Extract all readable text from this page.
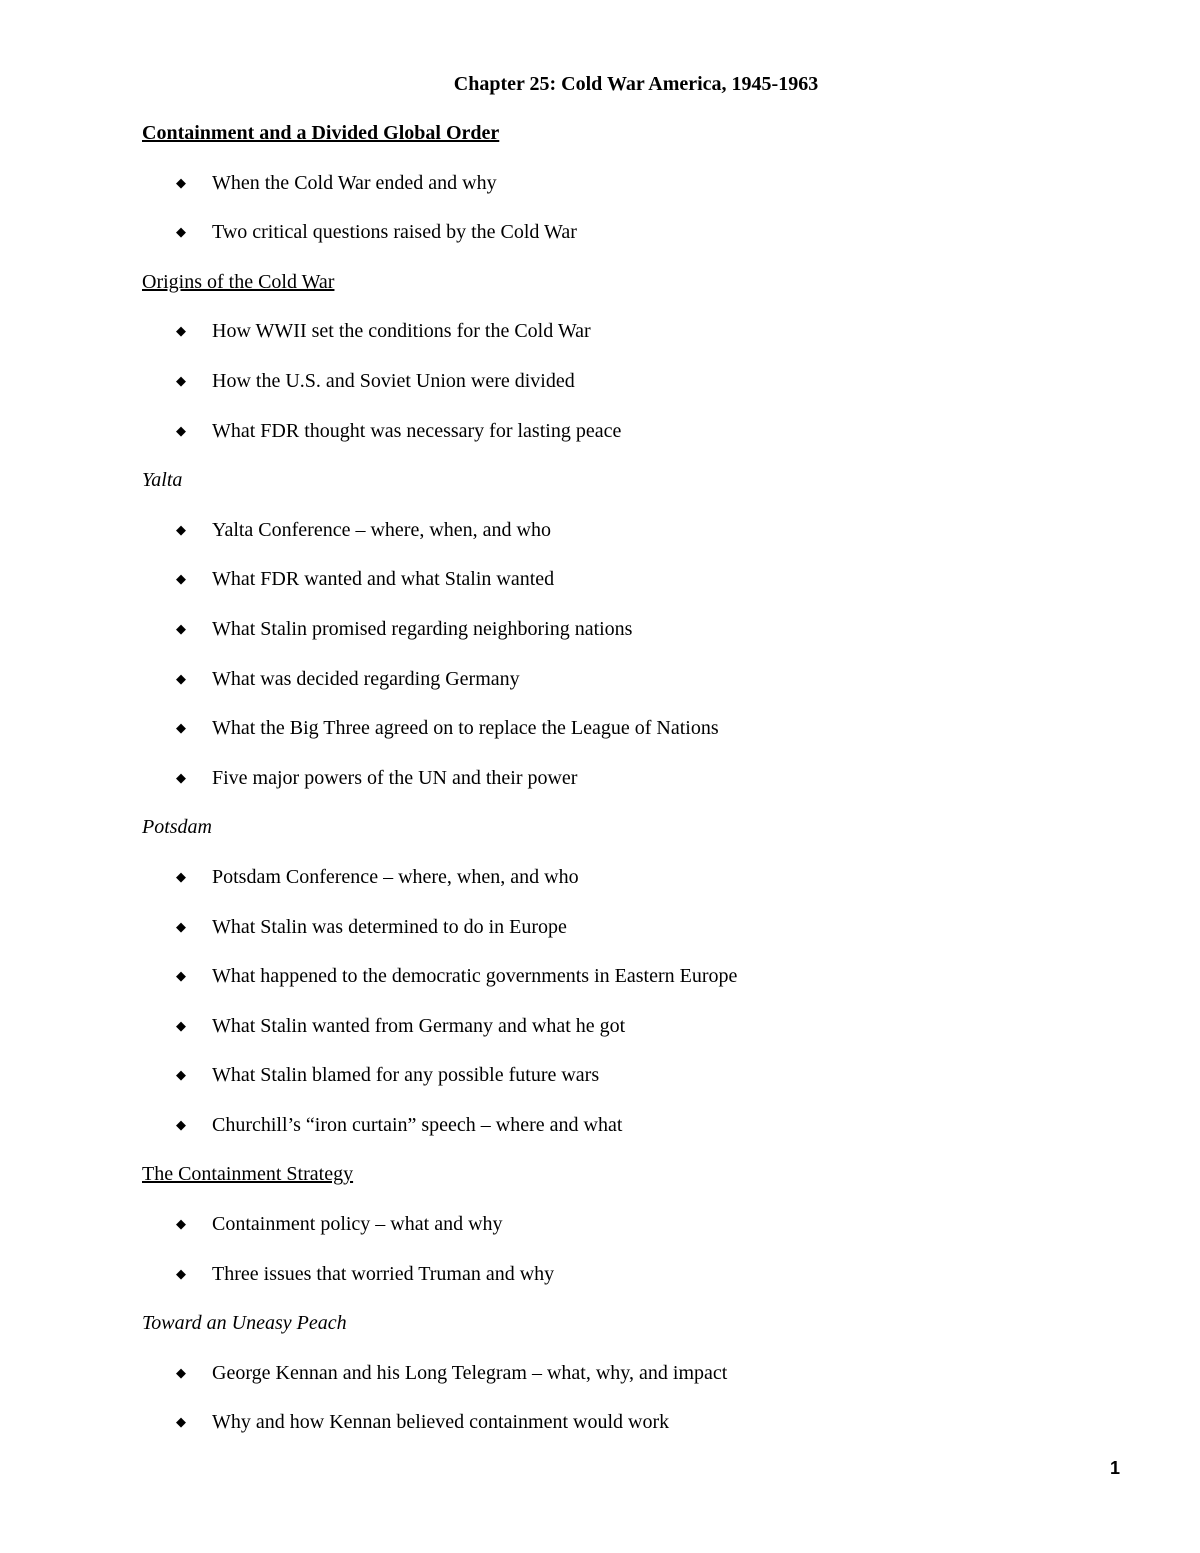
Chapter 25: Cold War America, 1945-1963
Containment and a Divided Global Order
◆ When the Cold War ended and why
◆ Two critical questions raised by the Cold War
Origins of the Cold War
◆ How WWII set the conditions for the Cold War
◆ How the U.S. and Soviet Union were divided
◆ What FDR thought was necessary for lasting peace
Yalta
◆ Yalta Conference – where, when, and who
◆ What FDR wanted and what Stalin wanted
◆ What Stalin promised regarding neighboring nations
◆ What was decided regarding Germany
◆ What the Big Three agreed on to replace the League of Nations
◆ Five major powers of the UN and their power
Potsdam
◆ Potsdam Conference – where, when, and who
◆ What Stalin was determined to do in Europe
◆ What happened to the democratic governments in Eastern Europe
◆ What Stalin wanted from Germany and what he got
◆ What Stalin blamed for any possible future wars
◆ Churchill’s “iron curtain” speech – where and what
The Containment Strategy
◆ Containment policy – what and why
◆ Three issues that worried Truman and why
Toward an Uneasy Peach
◆ George Kennan and his Long Telegram – what, why, and impact
◆ Why and how Kennan believed containment would work
1
